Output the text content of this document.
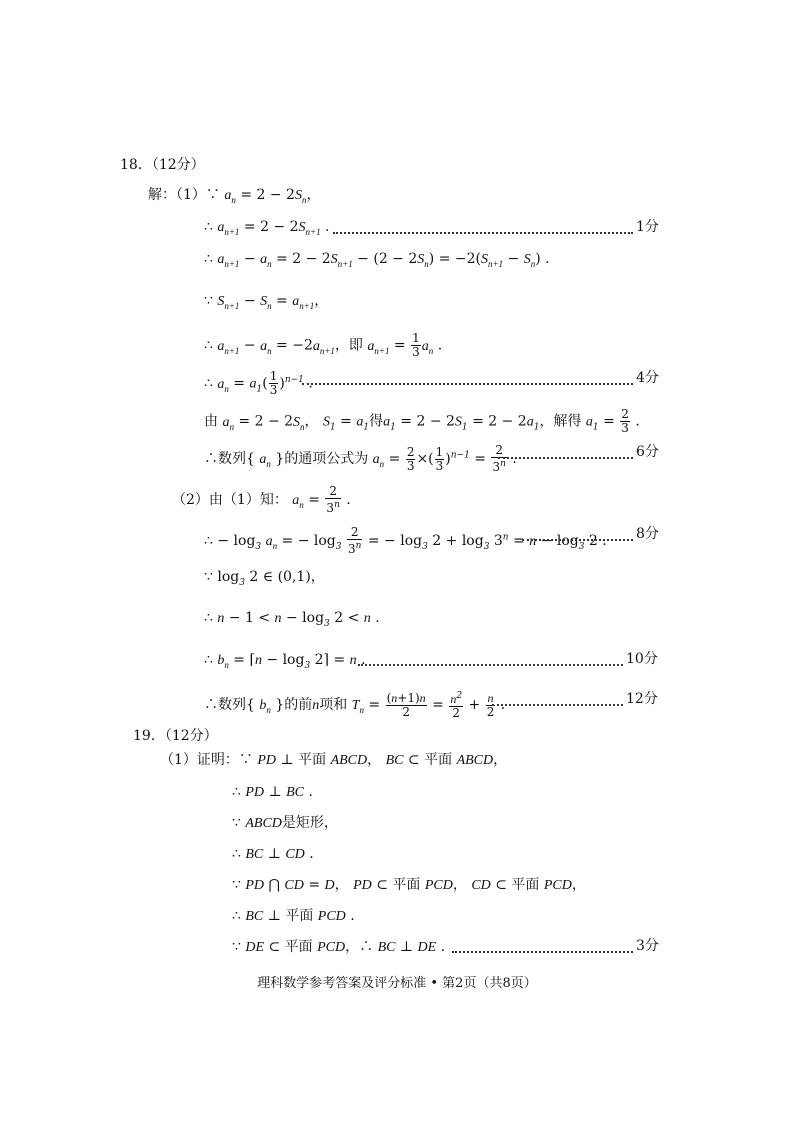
18．（12分）
解：（1）∵ $a_n = 2 - 2S_n$，
∴ $a_{n+1} = 2 - 2S_{n+1}$ .	1分
∴ $a_{n+1} - a_n = 2 - 2S_{n+1} - (2 - 2S_n) = -2(S_{n+1} - S_n)$ .
∵ $S_{n+1} - S_n = a_{n+1}$，
∴ $a_{n+1} - a_n = -2a_{n+1}$，即 $a_{n+1} = \frac{1}{3} a_n$ .
∴ $a_n = a_1( \frac{1}{3} )^{n-1}$ .	4分
由 $a_n = 2 - 2S_n$， $S_1 = a_1$得$a_1 = 2 - 2S_1 = 2 - 2a_1$，解得 $a_1 = \frac{2}{3}$ .
∴数列{ $a_n$ }的通项公式为 $a_n = \frac{2}{3}$ ×( $\frac{1}{3} )^{n-1} = \frac{2}{3^n}$ .	6分
（2）由（1）知： $a_n = \frac{2}{3^n}$ .
∴ − $\log_3 a_n$ = − $\log_3 \frac{2}{3^n}$ = − $\log_3 2 + \log_3 3^n = n - \log_3 2$ . 8分
∵ $\log_3 2$ ∈ (0,1)，
∴ $n - 1 < n - \log_3 2 < n$ .
∴ $b_n$ = ⌈n − $\log_3$ 2⌉ = n .	10分
∴数列{ $b_n$ }的前n项和 $T_n = \frac{(n+1)n}{2} = \frac{n^2}{2} + \frac{n}{2}$ .	12分
19．（12分）
（1）证明：∵ PD ⊥ 平面 ABCD， BC ⊂ 平面 ABCD，
∴ PD ⊥ BC .
∵ ABCD是矩形，
∴ BC ⊥ CD .
∵ PD ⋂ CD = D， PD ⊂ 平面 PCD， CD ⊂ 平面 PCD，
∴ BC ⊥ 平面 PCD .
∵ DE ⊂ 平面 PCD，∴ BC ⊥ DE .	3分
理科数学参考答案及评分标准 • 第2页（共8页）
